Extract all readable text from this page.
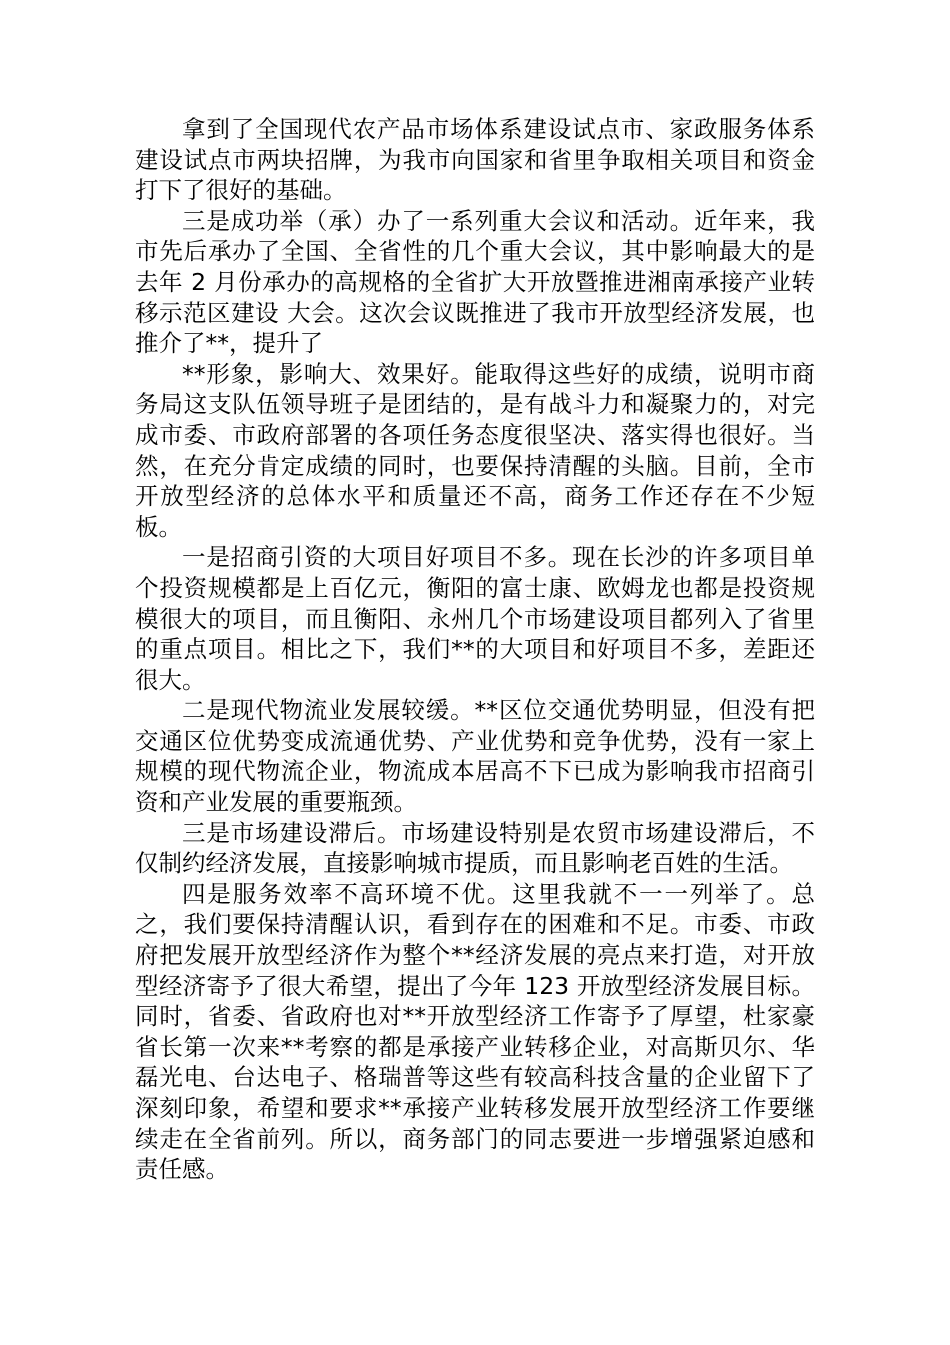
拿到了全国现代农产品市场体系建设试点市、家政服务体系建设试点市两块招牌，为我市向国家和省里争取相关项目和资金打下了很好的基础。

三是成功举（承）办了一系列重大会议和活动。近年来，我市先后承办了全国、全省性的几个重大会议，其中影响最大的是去年 2 月份承办的高规格的全省扩大开放暨推进湘南承接产业转移示范区建设 大会。这次会议既推进了我市开放型经济发展，也推介了**，提升了

**形象，影响大、效果好。能取得这些好的成绩，说明市商务局这支队伍领导班子是团结的，是有战斗力和凝聚力的，对完成市委、市政府部署的各项任务态度很坚决、落实得也很好。当然，在充分肯定成绩的同时，也要保持清醒的头脑。目前，全市开放型经济的总体水平和质量还不高，商务工作还存在不少短板。

一是招商引资的大项目好项目不多。现在长沙的许多项目单个投资规模都是上百亿元，衡阳的富士康、欧姆龙也都是投资规模很大的项目，而且衡阳、永州几个市场建设项目都列入了省里的重点项目。相比之下，我们**的大项目和好项目不多，差距还很大。

二是现代物流业发展较缓。**区位交通优势明显，但没有把交通区位优势变成流通优势、产业优势和竞争优势，没有一家上规模的现代物流企业，物流成本居高不下已成为影响我市招商引资和产业发展的重要瓶颈。

三是市场建设滞后。市场建设特别是农贸市场建设滞后，不仅制约经济发展，直接影响城市提质，而且影响老百姓的生活。

四是服务效率不高环境不优。这里我就不一一列举了。总之，我们要保持清醒认识，看到存在的困难和不足。市委、市政府把发展开放型经济作为整个**经济发展的亮点来打造，对开放型经济寄予了很大希望，提出了今年 123 开放型经济发展目标。同时，省委、省政府也对**开放型经济工作寄予了厚望，杜家豪省长第一次来**考察的都是承接产业转移企业，对高斯贝尔、华磊光电、台达电子、格瑞普等这些有较高科技含量的企业留下了深刻印象，希望和要求**承接产业转移发展开放型经济工作要继续走在全省前列。所以，商务部门的同志要进一步增强紧迫感和责任感。
